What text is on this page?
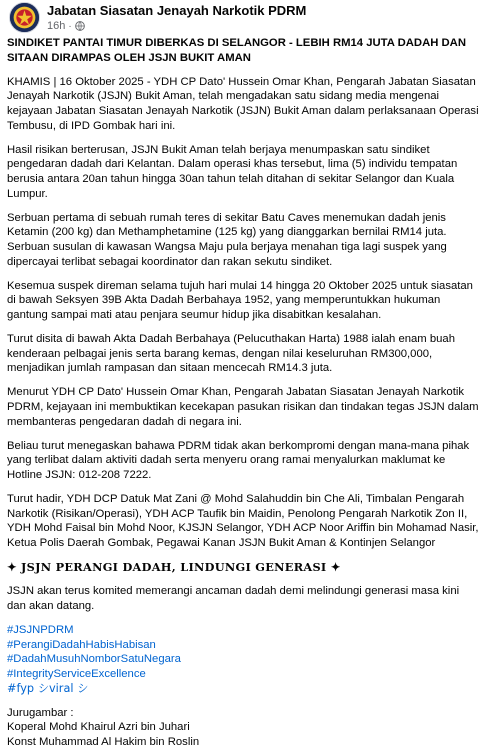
Jabatan Siasatan Jenayah Narkotik PDRM
16h ·

SINDIKET PANTAI TIMUR DIBERKAS DI SELANGOR - LEBIH RM14 JUTA DADAH DAN SITAAN DIRAMPAS OLEH JSJN BUKIT AMAN

KHAMIS | 16 Oktober 2025 - YDH CP Dato' Hussein Omar Khan, Pengarah Jabatan Siasatan Jenayah Narkotik (JSJN) Bukit Aman, telah mengadakan satu sidang media mengenai kejayaan Jabatan Siasatan Jenayah Narkotik (JSJN) Bukit Aman dalam perlaksanaan Operasi Tembusu, di IPD Gombak hari ini.

Hasil risikan berterusan, JSJN Bukit Aman telah berjaya menumpaskan satu sindiket pengedaran dadah dari Kelantan. Dalam operasi khas tersebut, lima (5) individu tempatan berusia antara 20an tahun hingga 30an tahun telah ditahan di sekitar Selangor dan Kuala Lumpur.

Serbuan pertama di sebuah rumah teres di sekitar Batu Caves menemukan dadah jenis Ketamin (200 kg) dan Methamphetamine (125 kg) yang dianggarkan bernilai RM14 juta. Serbuan susulan di kawasan Wangsa Maju pula berjaya menahan tiga lagi suspek yang dipercayai terlibat sebagai koordinator dan rakan sekutu sindiket.

Kesemua suspek direman selama tujuh hari mulai 14 hingga 20 Oktober 2025 untuk siasatan di bawah Seksyen 39B Akta Dadah Berbahaya 1952, yang memperuntukkan hukuman gantung sampai mati atau penjara seumur hidup jika disabitkan kesalahan.

Turut disita di bawah Akta Dadah Berbahaya (Pelucuthakan Harta) 1988 ialah enam buah kenderaan pelbagai jenis serta barang kemas, dengan nilai keseluruhan RM300,000, menjadikan jumlah rampasan dan sitaan mencecah RM14.3 juta.

Menurut YDH CP Dato' Hussein Omar Khan, Pengarah Jabatan Siasatan Jenayah Narkotik PDRM, kejayaan ini membuktikan kecekapan pasukan risikan dan tindakan tegas JSJN dalam membanteras pengedaran dadah di negara ini.

Beliau turut menegaskan bahawa PDRM tidak akan berkompromi dengan mana-mana pihak yang terlibat dalam aktiviti dadah serta menyeru orang ramai menyalurkan maklumat ke Hotline JSJN: 012-208 7222.

Turut hadir, YDH DCP Datuk Mat Zani @ Mohd Salahuddin bin Che Ali, Timbalan Pengarah Narkotik (Risikan/Operasi), YDH ACP Taufik bin Maidin, Penolong Pengarah Narkotik Zon II, YDH Mohd Faisal bin Mohd Noor, KJSJN Selangor, YDH ACP Noor Ariffin bin Mohamad Nasir, Ketua Polis Daerah Gombak, Pegawai Kanan JSJN Bukit Aman & Kontinjen Selangor

✦ 𝐉𝐒𝐉𝐍 𝐏𝐄𝐑𝐀𝐍𝐆𝐈 𝐃𝐀𝐃𝐀𝐇, 𝐋𝐈𝐍𝐃𝐔𝐍𝐆𝐈 𝐆𝐄𝐍𝐄𝐑𝐀𝐒𝐈 ✦

JSJN akan terus komited memerangi ancaman dadah demi melindungi generasi masa kini dan akan datang.

#JSJNPDRM
#PerangiDadahHabisHabisan
#DadahMusuhNomborSatuNegara
#IntegrityServiceExcellence
#fyp シviral シ
Jurugambar :
Koperal Mohd Khairul Azri bin Juhari
Konst Muhammad Al Hakim bin Roslin
